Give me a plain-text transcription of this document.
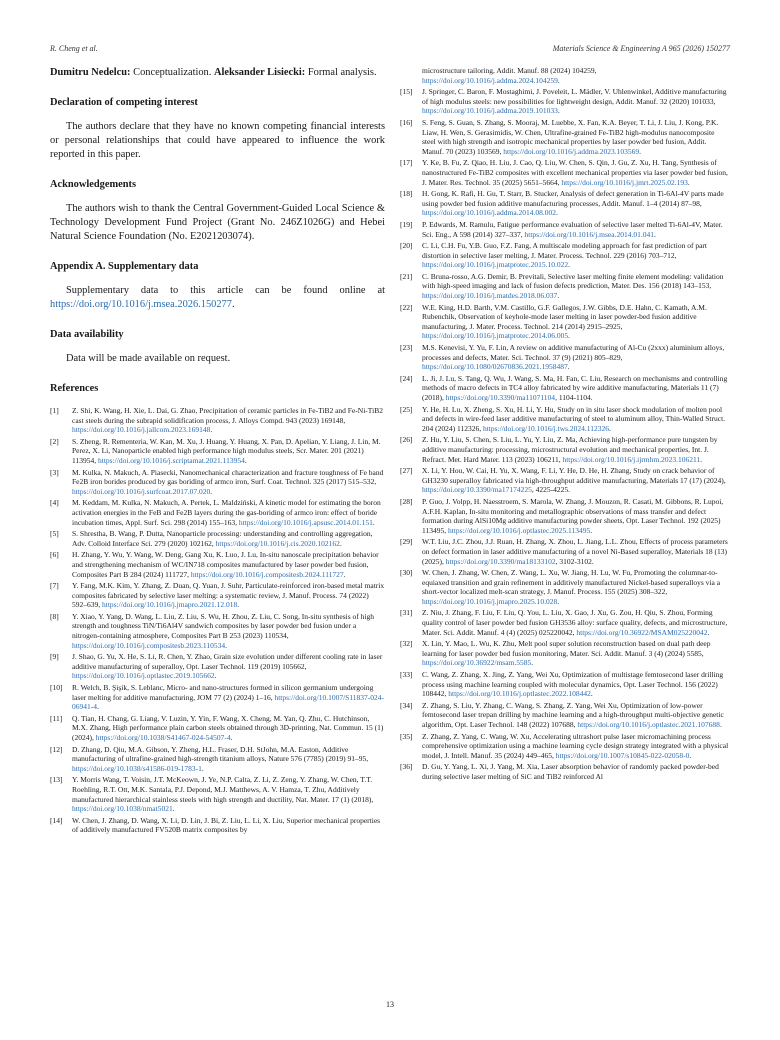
R. Cheng et al.	Materials Science & Engineering A 965 (2026) 150277

Dumitru Nedelcu: Conceptualization. Aleksander Lisiecki: Formal analysis.

Declaration of competing interest

The authors declare that they have no known competing financial interests or personal relationships that could have appeared to influence the work reported in this paper.

Acknowledgements

The authors wish to thank the Central Government-Guided Local Science & Technology Development Fund Project (Grant No. 246Z1026G) and Hebei Natural Science Foundation (No. E2021203074).

Appendix A. Supplementary data

Supplementary data to this article can be found online at https://doi.org/10.1016/j.msea.2026.150277.

Data availability

Data will be made available on request.

References
[1] Z. Shi, K. Wang, H. Xie, L. Dai, G. Zhao, Precipitation of ceramic particles in Fe-TiB2 and Fe-Ni-TiB2 cast steels during the subrapid solidification process, J. Alloys Compd. 943 (2023) 169148, https://doi.org/10.1016/j.jallcom.2023.169148.
[2] S. Zheng, R. Rementeria, W. Kan, M. Xu, J. Huang, Y. Huang, X. Pan, D. Apelian, Y. Liang, J. Lin, M. Perez, X. Li, Nanoparticle enabled high performance high modulus steels, Scr. Mater. 201 (2021) 113954, https://doi.org/10.1016/j.scriptamat.2021.113954.
[3] M. Kulka, N. Makuch, A. Piasecki, Nanomechanical characterization and fracture toughness of Fe band Fe2B iron borides produced by gas boriding of armco iron, Surf. Coat. Technol. 325 (2017) 515–532, https://doi.org/10.1016/j.surfcoat.2017.07.020.
[4] M. Keddam, M. Kulka, N. Makuch, A. Pertek, L. Maldziński, A kinetic model for estimating the boron activation energies in the FeB and Fe2B layers during the gas-boriding of armco iron: effect of boride incubation times, Appl. Surf. Sci. 298 (2014) 155–163, https://doi.org/10.1016/j.apsusc.2014.01.151.
[5] S. Shrestha, B. Wang, P. Dutta, Nanoparticle processing: understanding and controlling aggregation, Adv. Colloid Interface Sci. 279 (2020) 102162, https://doi.org/10.1016/j.cis.2020.102162.
[6] H. Zhang, Y. Wu, Y. Wang, W. Deng, Gang Xu, K. Luo, J. Lu, In-situ nanoscale precipitation behavior and strengthening mechanism of WC/IN718 composites manufactured by laser powder bed fusion, Composites Part B 284 (2024) 111727, https://doi.org/10.1016/j.compositesb.2024.111727.
[7] Y. Fang, M.K. Kim, Y. Zhang, Z. Duan, Q. Yuan, J. Suhr, Particulate-reinforced iron-based metal matrix composites fabricated by selective laser melting: a systematic review, J. Manuf. Process. 74 (2022) 592–639, https://doi.org/10.1016/j.jmapro.2021.12.018.
[8] Y. Xiao, Y. Yang, D. Wang, L. Liu, Z. Liu, S. Wu, H. Zhou, Z. Liu, C. Song, In-situ synthesis of high strength and toughness TiN/Ti6Al4V sandwich composites by laser powder bed fusion under a nitrogen-containing atmosphere, Composites Part B 253 (2023) 110534, https://doi.org/10.1016/j.compositesb.2023.110534.
[9] J. Shao, G. Yu, X. He, S. Li, R. Chen, Y. Zhao, Grain size evolution under different cooling rate in laser additive manufacturing of superalloy, Opt. Laser Technol. 119 (2019) 105662, https://doi.org/10.1016/j.optlastec.2019.105662.
[10] R. Welch, B. Şişik, S. Leblanc, Micro- and nano-structures formed in silicon germanium undergoing laser melting for additive manufacturing, JOM 77 (2) (2024) 1–16, https://doi.org/10.1007/S11837-024-06941-4.
[11] Q. Tian, H. Chang, G. Liang, V. Luzin, Y. Yin, F. Wang, X. Cheng, M. Yan, Q. Zhu, C. Hutchinson, M.X. Zhang, High performance plain carbon steels obtained through 3D-printing, Nat. Commun. 15 (1) (2024), https://doi.org/10.1038/S41467-024-54507-4.
[12] D. Zhang, D. Qiu, M.A. Gibson, Y. Zheng, H.L. Fraser, D.H. StJohn, M.A. Easton, Additive manufacturing of ultrafine-grained high-strength titanium alloys, Nature 576 (7785) (2019) 91–95, https://doi.org/10.1038/s41586-019-1783-1.
[13] Y. Morris Wang, T. Voisin, J.T. McKeown, J. Ye, N.P. Calta, Z. Li, Z. Zeng, Y. Zhang, W. Chen, T.T. Roehling, R.T. Ott, M.K. Santala, P.J. Depond, M.J. Matthews, A. V. Hamza, T. Zhu, Additively manufactured hierarchical stainless steels with high strength and ductility, Nat. Mater. 17 (1) (2018), https://doi.org/10.1038/nmat5021.
[14] W. Chen, J. Zhang, D. Wang, X. Li, D. Lin, J. Bi, Z. Liu, L. Li, X. Liu, Superior mechanical properties of additively manufactured FV520B matrix composites by
microstructure tailoring, Addit. Manuf. 88 (2024) 104259, https://doi.org/10.1016/j.addma.2024.104259.
[15] J. Springer, C. Baron, F. Mostaghimi, J. Poveleit, L. Mädler, V. Uhlenwinkel, Additive manufacturing of high modulus steels: new possibilities for lightweight design, Addit. Manuf. 32 (2020) 101033, https://doi.org/10.1016/j.addma.2019.101033.
[16] S. Feng, S. Guan, S. Zhang, S. Mooraj, M. Luebbe, X. Fan, K.A. Beyer, T. Li, J. Liu, J. Kong, P.K. Liaw, H. Wen, S. Gerasimidis, W. Chen, Ultrafine-grained Fe-TiB2 high-modulus nanocomposite steel with high strength and isotropic mechanical properties by laser powder bed fusion, Addit. Manuf. 70 (2023) 103569, https://doi.org/10.1016/j.addma.2023.103569.
[17] Y. Ke, B. Fu, Z. Qiao, H. Liu, J. Cao, Q. Liu, W. Chen, S. Qin, J. Gu, Z. Xu, H. Tang, Synthesis of nanostructured Fe-TiB2 composites with excellent mechanical properties via laser powder bed fusion, J. Mater. Res. Technol. 35 (2025) 5651–5664, https://doi.org/10.1016/j.jmrt.2025.02.193.
[18] H. Gong, K. Rafi, H. Gu, T. Starr, B. Stucker, Analysis of defect generation in Ti-6Al-4V parts made using powder bed fusion additive manufacturing processes, Addit. Manuf. 1–4 (2014) 87–98, https://doi.org/10.1016/j.addma.2014.08.002.
[19] P. Edwards, M. Ramulu, Fatigue performance evaluation of selective laser melted Ti-6Al-4V, Mater. Sci. Eng., A 598 (2014) 327–337, https://doi.org/10.1016/j.msea.2014.01.041.
[20] C. Li, C.H. Fu, Y.B. Guo, F.Z. Fang, A multiscale modeling approach for fast prediction of part distortion in selective laser melting, J. Mater. Process. Technol. 229 (2016) 703–712, https://doi.org/10.1016/j.jmatprotec.2015.10.022.
[21] C. Bruna-rosso, A.G. Demir, B. Previtali, Selective laser melting finite element modeling: validation with high-speed imaging and lack of fusion defects prediction, Mater. Des. 156 (2018) 143–153, https://doi.org/10.1016/j.matdes.2018.06.037.
[22] W.E. King, H.D. Barth, V.M. Castillo, G.F. Gallegos, J.W. Gibbs, D.E. Hahn, C. Kamath, A.M. Rubenchik, Observation of keyhole-mode laser melting in laser powder-bed fusion additive manufacturing, J. Mater. Process. Technol. 214 (2014) 2915–2925, https://doi.org/10.1016/j.jmatprotec.2014.06.005.
[23] M.S. Kenevisi, Y. Yu, F. Lin, A review on additive manufacturing of Al-Cu (2xxx) aluminium alloys, processes and defects, Mater. Sci. Technol. 37 (9) (2021) 805–829, https://doi.org/10.1080/02670836.2021.1958487.
[24] L. Ji, J. Lu, S. Tang, Q. Wu, J. Wang, S. Ma, H. Fan, C. Liu, Research on mechanisms and controlling methods of macro defects in TC4 alloy fabricated by wire additive manufacturing, Materials 11 (7) (2018), https://doi.org/10.3390/ma11071104, 1104-1104.
[25] Y. He, H. Lu, X. Zheng, S. Xu, H. Li, Y. Hu, Study on in situ laser shock modulation of molten pool and defects in wire-feed laser additive manufacturing of steel to aluminum alloy, Thin-Walled Struct. 204 (2024) 112326, https://doi.org/10.1016/j.tws.2024.112326.
[26] Z. Hu, Y. Liu, S. Chen, S. Liu, L. Yu, Y. Liu, Z. Ma, Achieving high-performance pure tungsten by additive manufacturing: processing, microstructural evolution and mechanical properties, Int. J. Refract. Met. Hard Mater. 113 (2023) 106211, https://doi.org/10.1016/j.ijrmhm.2023.106211.
[27] X. Li, Y. Hou, W. Cai, H. Yu, X. Wang, F. Li, Y. He, D. He, H. Zhang, Study on crack behavior of GH3230 superalloy fabricated via high-throughput additive manufacturing, Materials 17 (17) (2024), https://doi.org/10.3390/ma17174225, 4225-4225.
[28] P. Guo, J. Volpp, H. Naesstroem, S. Marola, W. Zhang, J. Mouzon, R. Casati, M. Gibbons, R. Lupoi, A.F.H. Kaplan, In-situ monitoring and metallographic observations of mass transfer and defect formation during AlSi10Mg additive manufacturing powder sheets, Opt. Laser Technol. 192 (2025) 113495, https://doi.org/10.1016/j.optlastec.2025.113495.
[29] W.T. Liu, J.C. Zhou, J.J. Ruan, H. Zhang, X. Zhou, L. Jiang, L.L. Zhou, Effects of process parameters on defect formation in laser additive manufacturing of a novel Ni-Based superalloy, Materials 18 (13) (2025), https://doi.org/10.3390/ma18133102, 3102-3102.
[30] W. Chen, J. Zhang, W. Chen, Z. Wang, L. Xu, W. Jiang, H. Lu, W. Fu, Promoting the columnar-to-equiaxed transition and grain refinement in additively manufactured Nickel-based superalloys via a short-vector localized melt-scan strategy, J. Manuf. Process. 155 (2025) 308–322, https://doi.org/10.1016/j.jmapro.2025.10.028.
[31] Z. Niu, J. Zhang, F. Liu, F. Liu, Q. You, L. Liu, X. Gao, J. Xu, G. Zou, H. Qiu, S. Zhou, Forming quality control of laser powder bed fusion GH3536 alloy: surface quality, defects, and microstructure, Mater. Sci. Addit. Manuf. 4 (4) (2025) 025220042, https://doi.org/10.36922/MSAM025220042.
[32] X. Lin, Y. Mao, L. Wu, K. Zhu, Melt pool super solution reconstruction based on dual path deep learning for laser powder bed fusion monitoring, Mater. Sci. Addit. Manuf. 3 (4) (2024) 5585, https://doi.org/10.36922/msam.5585.
[33] C. Wang, Z. Zhang, X. Jing, Z. Yang, Wei Xu, Optimization of multistage femtosecond laser drilling process using machine learning coupled with molecular dynamics, Opt. Laser Technol. 156 (2022) 108442, https://doi.org/10.1016/j.optlastec.2022.108442.
[34] Z. Zhang, S. Liu, Y. Zhang, C. Wang, S. Zhang, Z. Yang, Wei Xu, Optimization of low-power femtosecond laser trepan drilling by machine learning and a high-throughput multi-objective genetic algorithm, Opt. Laser Technol. 148 (2022) 107688, https://doi.org/10.1016/j.optlastec.2021.107688.
[35] Z. Zhang, Z. Yang, C. Wang, W. Xu, Accelerating ultrashort pulse laser micromachining process comprehensive optimization using a machine learning cycle design strategy integrated with a physical model, J. Intell. Manuf. 35 (2024) 449–465, https://doi.org/10.1007/s10845-022-02058-0.
[36] D. Gu, Y. Yang, L. Xi, J. Yang, M. Xia, Laser absorption behavior of randomly packed powder-bed during selective laser melting of SiC and TiB2 reinforced Al
13
